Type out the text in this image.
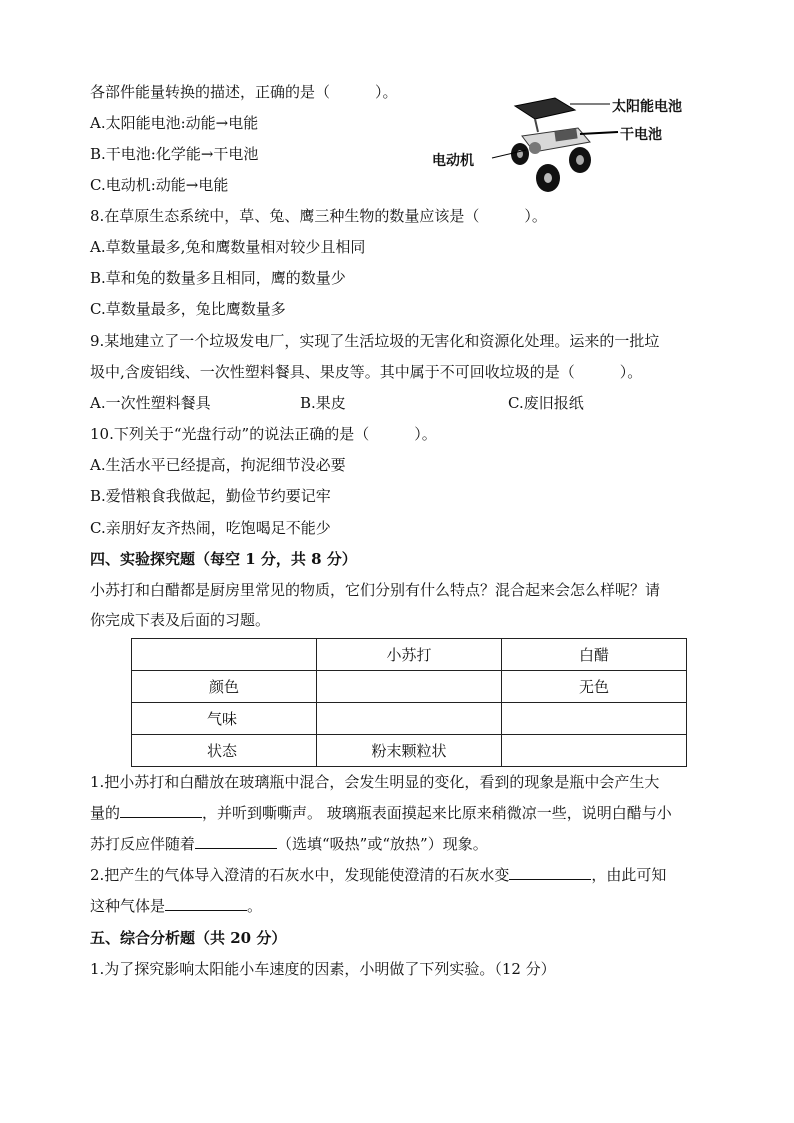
各部件能量转换的描述，正确的是（　　　）。
A.太阳能电池:动能→电能
B.干电池:化学能→干电池
C.电动机:动能→电能
太阳能电池
干电池
电动机
8.在草原生态系统中，草、兔、鹰三种生物的数量应该是（　　　）。
A.草数量最多,兔和鹰数量相对较少且相同
B.草和兔的数量多且相同，鹰的数量少
C.草数量最多，兔比鹰数量多
9.某地建立了一个垃圾发电厂，实现了生活垃圾的无害化和资源化处理。运来的一批垃
圾中,含废铝线、一次性塑料餐具、果皮等。其中属于不可回收垃圾的是（　　　）。
A.一次性塑料餐具	B.果皮	C.废旧报纸
10.下列关于“光盘行动”的说法正确的是（　　　）。
A.生活水平已经提高，拘泥细节没必要
B.爱惜粮食我做起，勤俭节约要记牢
C.亲朋好友齐热闹，吃饱喝足不能少
四、实验探究题（每空 1 分，共 8 分）
小苏打和白醋都是厨房里常见的物质，它们分别有什么特点？混合起来会怎么样呢？请
你完成下表及后面的习题。
	小苏打	白醋
颜色		无色
气味		
状态	粉末颗粒状	
1.把小苏打和白醋放在玻璃瓶中混合，会发生明显的变化，看到的现象是瓶中会产生大
量的	，并听到嘶嘶声。 玻璃瓶表面摸起来比原来稍微凉一些，说明白醋与小
苏打反应伴随着	（选填“吸热”或“放热”）现象。
2.把产生的气体导入澄清的石灰水中，发现能使澄清的石灰水变	，由此可知
这种气体是	。
五、综合分析题（共 20 分）
1.为了探究影响太阳能小车速度的因素，小明做了下列实验。（12 分）
